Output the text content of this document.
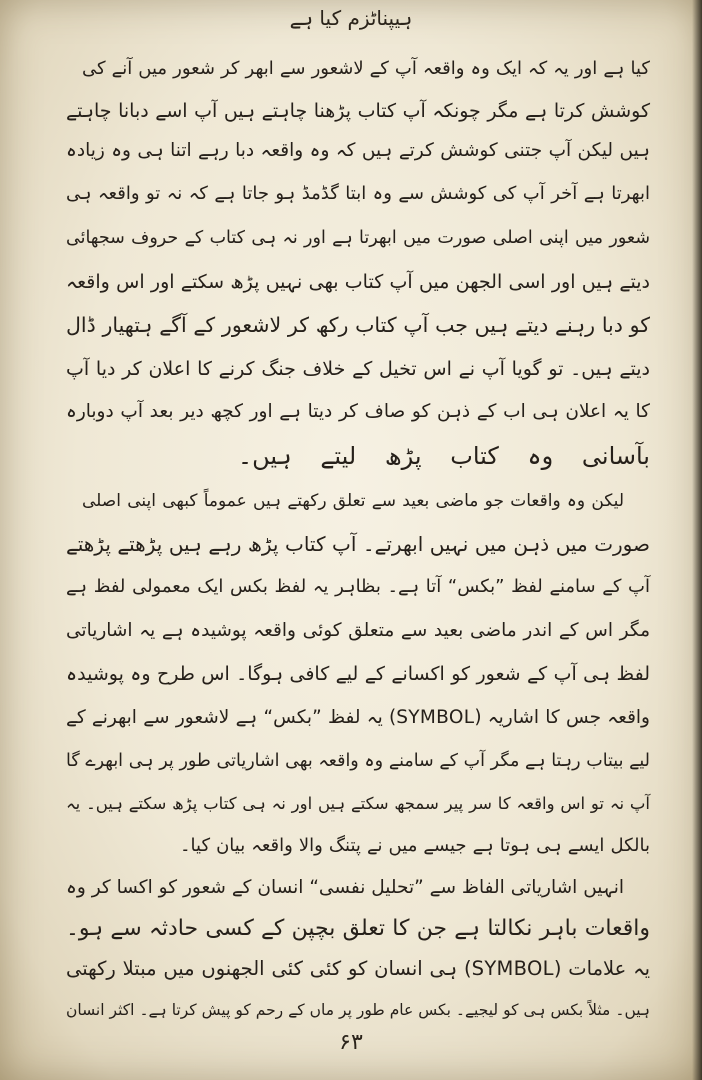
ہیپناٹزم کیا ہے
کیا ہے اور یہ کہ ایک وہ واقعہ آپ کے لاشعور سے ابھر کر شعور میں آنے کی
کوشش کرتا ہے مگر چونکہ آپ کتاب پڑھنا چاہتے ہیں آپ اسے دبانا چاہتے
ہیں لیکن آپ جتنی کوشش کرتے ہیں کہ وہ واقعہ دبا رہے اتنا ہی وہ زیادہ
ابھرتا ہے آخر آپ کی کوشش سے وہ ابتا گڈمڈ ہو جاتا ہے کہ نہ تو واقعہ ہی
شعور میں اپنی اصلی صورت میں ابھرتا ہے اور نہ ہی کتاب کے حروف سجھائی
دیتے ہیں اور اسی الجھن میں آپ کتاب بھی نہیں پڑھ سکتے اور اس واقعہ
کو دبا رہنے دیتے ہیں جب آپ کتاب رکھ کر لاشعور کے آگے ہتھیار ڈال
دیتے ہیں۔ تو گویا آپ نے اس تخیل کے خلاف جنگ کرنے کا اعلان کر دیا آپ
کا یہ اعلان ہی اب کے ذہن کو صاف کر دیتا ہے اور کچھ دیر بعد آپ دوبارہ
بآسانی وہ کتاب پڑھ لیتے ہیں۔
لیکن وہ واقعات جو ماضی بعید سے تعلق رکھتے ہیں عموماً کبھی اپنی اصلی
صورت میں ذہن میں نہیں ابھرتے۔ آپ کتاب پڑھ رہے ہیں پڑھتے پڑھتے
آپ کے سامنے لفظ ”بکس“ آتا ہے۔ بظاہر یہ لفظ بکس ایک معمولی لفظ ہے
مگر اس کے اندر ماضی بعید سے متعلق کوئی واقعہ پوشیدہ ہے یہ اشاریاتی
لفظ ہی آپ کے شعور کو اکسانے کے لیے کافی ہوگا۔ اس طرح وہ پوشیدہ
واقعہ جس کا اشاریہ (SYMBOL) یہ لفظ ”بکس“ ہے لاشعور سے ابھرنے کے
لیے بیتاب رہتا ہے مگر آپ کے سامنے وہ واقعہ بھی اشاریاتی طور پر ہی ابھرے گا
آپ نہ تو اس واقعہ کا سر پیر سمجھ سکتے ہیں اور نہ ہی کتاب پڑھ سکتے ہیں۔ یہ
بالکل ایسے ہی ہوتا ہے جیسے میں نے پتنگ والا واقعہ بیان کیا۔
انہیں اشاریاتی الفاظ سے ”تحلیل نفسی“ انسان کے شعور کو اکسا کر وہ
واقعات باہر نکالتا ہے جن کا تعلق بچپن کے کسی حادثہ سے ہو۔
یہ علامات (SYMBOL) ہی انسان کو کئی کئی الجھنوں میں مبتلا رکھتی
ہیں۔ مثلاً بکس ہی کو لیجیے۔ بکس عام طور پر ماں کے رحم کو پیش کرتا ہے۔ اکثر انسان
۶۳
